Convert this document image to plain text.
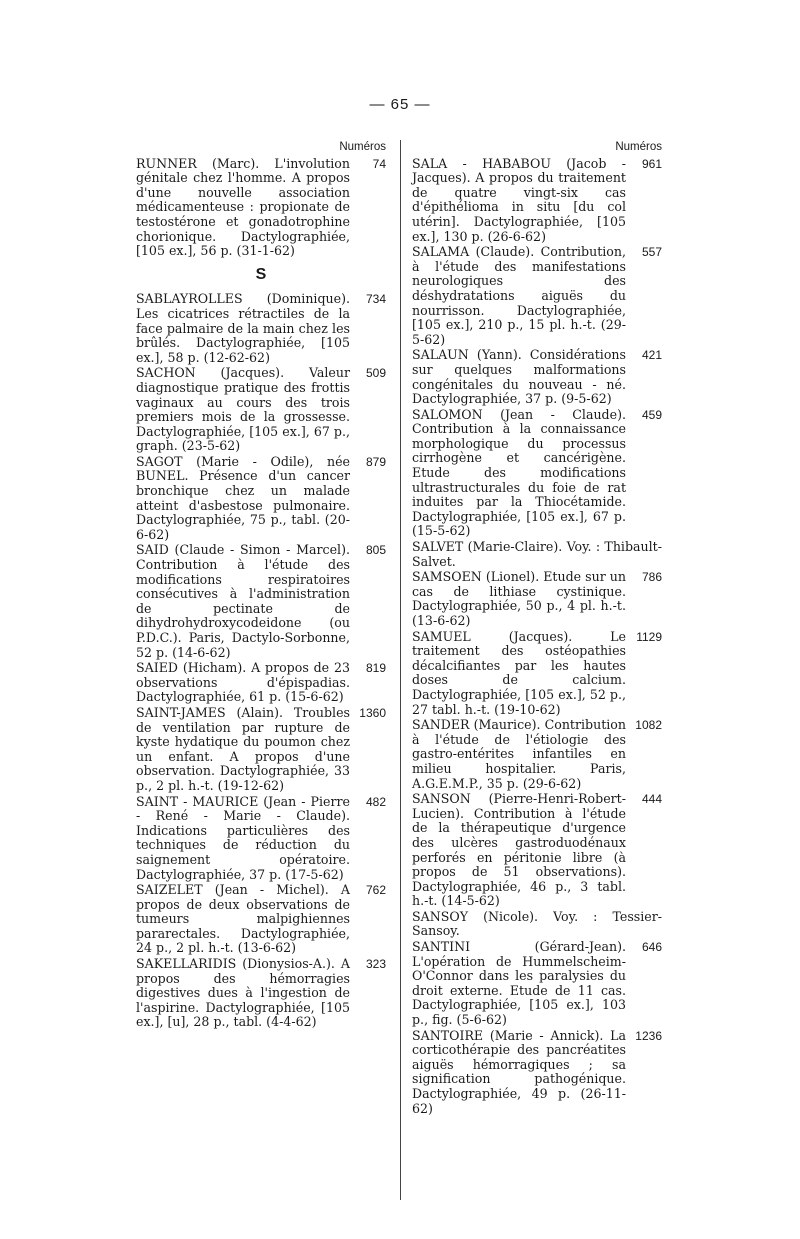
— 65 —
Numéros
RUNNER (Marc). L'involution génitale chez l'homme. A propos d'une nouvelle association médicamenteuse : propionate de testostérone et gonadotrophine chorionique. Dactylographiée, [105 ex.], 56 p. (31-1-62)
74
S
SABLAYROLLES (Dominique). Les cicatrices rétractiles de la face palmaire de la main chez les brûlés. Dactylographiée, [105 ex.], 58 p. (12-62-62)
734
SACHON (Jacques). Valeur diagnostique pratique des frottis vaginaux au cours des trois premiers mois de la grossesse. Dactylographiée, [105 ex.], 67 p., graph. (23-5-62)
509
SAGOT (Marie - Odile), née BUNEL. Présence d'un cancer bronchique chez un malade atteint d'asbestose pulmonaire. Dactylographiée, 75 p., tabl. (20-6-62)
879
SAID (Claude - Simon - Marcel). Contribution à l'étude des modifications respiratoires consécutives à l'administration de pectinate de dihydrohydroxycodeidone (ou P.D.C.). Paris, Dactylo-Sorbonne, 52 p. (14-6-62)
805
SAIED (Hicham). A propos de 23 observations d'épispadias. Dactylographiée, 61 p. (15-6-62)
819
SAINT-JAMES (Alain). Troubles de ventilation par rupture de kyste hydatique du poumon chez un enfant. A propos d'une observation. Dactylographiée, 33 p., 2 pl. h.-t. (19-12-62)
1360
SAINT - MAURICE (Jean - Pierre - René - Marie - Claude). Indications particulières des techniques de réduction du saignement opératoire. Dactylographiée, 37 p. (17-5-62)
482
SAIZELET (Jean - Michel). A propos de deux observations de tumeurs malpighiennes pararectales. Dactylographiée, 24 p., 2 pl. h.-t. (13-6-62)
762
SAKELLARIDIS (Dionysios-A.). A propos des hémorragies digestives dues à l'ingestion de l'aspirine. Dactylographiée, [105 ex.], [u], 28 p., tabl. (4-4-62)
323
Numéros
SALA - HABABOU (Jacob - Jacques). A propos du traitement de quatre vingt-six cas d'épithélioma in situ [du col utérin]. Dactylographiée, [105 ex.], 130 p. (26-6-62)
961
SALAMA (Claude). Contribution, à l'étude des manifestations neurologiques des déshydratations aiguës du nourrisson. Dactylographiée, [105 ex.], 210 p., 15 pl. h.-t. (29-5-62)
557
SALAUN (Yann). Considérations sur quelques malformations congénitales du nouveau - né. Dactylographiée, 37 p. (9-5-62)
421
SALOMON (Jean - Claude). Contribution à la connaissance morphologique du processus cirrhogène et cancérigène. Etude des modifications ultrastructurales du foie de rat induites par la Thiocétamide. Dactylographiée, [105 ex.], 67 p. (15-5-62)
459
SALVET (Marie-Claire). Voy. : Thibault-Salvet.
SAMSOEN (Lionel). Etude sur un cas de lithiase cystinique. Dactylographiée, 50 p., 4 pl. h.-t. (13-6-62)
786
SAMUEL (Jacques). Le traitement des ostéopathies décalcifiantes par les hautes doses de calcium. Dactylographiée, [105 ex.], 52 p., 27 tabl. h.-t. (19-10-62)
1129
SANDER (Maurice). Contribution à l'étude de l'étiologie des gastro-entérites infantiles en milieu hospitalier. Paris, A.G.E.M.P., 35 p. (29-6-62)
1082
SANSON (Pierre-Henri-Robert-Lucien). Contribution à l'étude de la thérapeutique d'urgence des ulcères gastroduodénaux perforés en péritonie libre (à propos de 51 observations). Dactylographiée, 46 p., 3 tabl. h.-t. (14-5-62)
444
SANSOY (Nicole). Voy. : Tessier-Sansoy.
SANTINI (Gérard-Jean). L'opération de Hummelscheim-O'Connor dans les paralysies du droit externe. Etude de 11 cas. Dactylographiée, [105 ex.], 103 p., fig. (5-6-62)
646
SANTOIRE (Marie - Annick). La corticothérapie des pancréatites aiguës hémorragiques ; sa signification pathogénique. Dactylographiée, 49 p. (26-11-62)
1236
